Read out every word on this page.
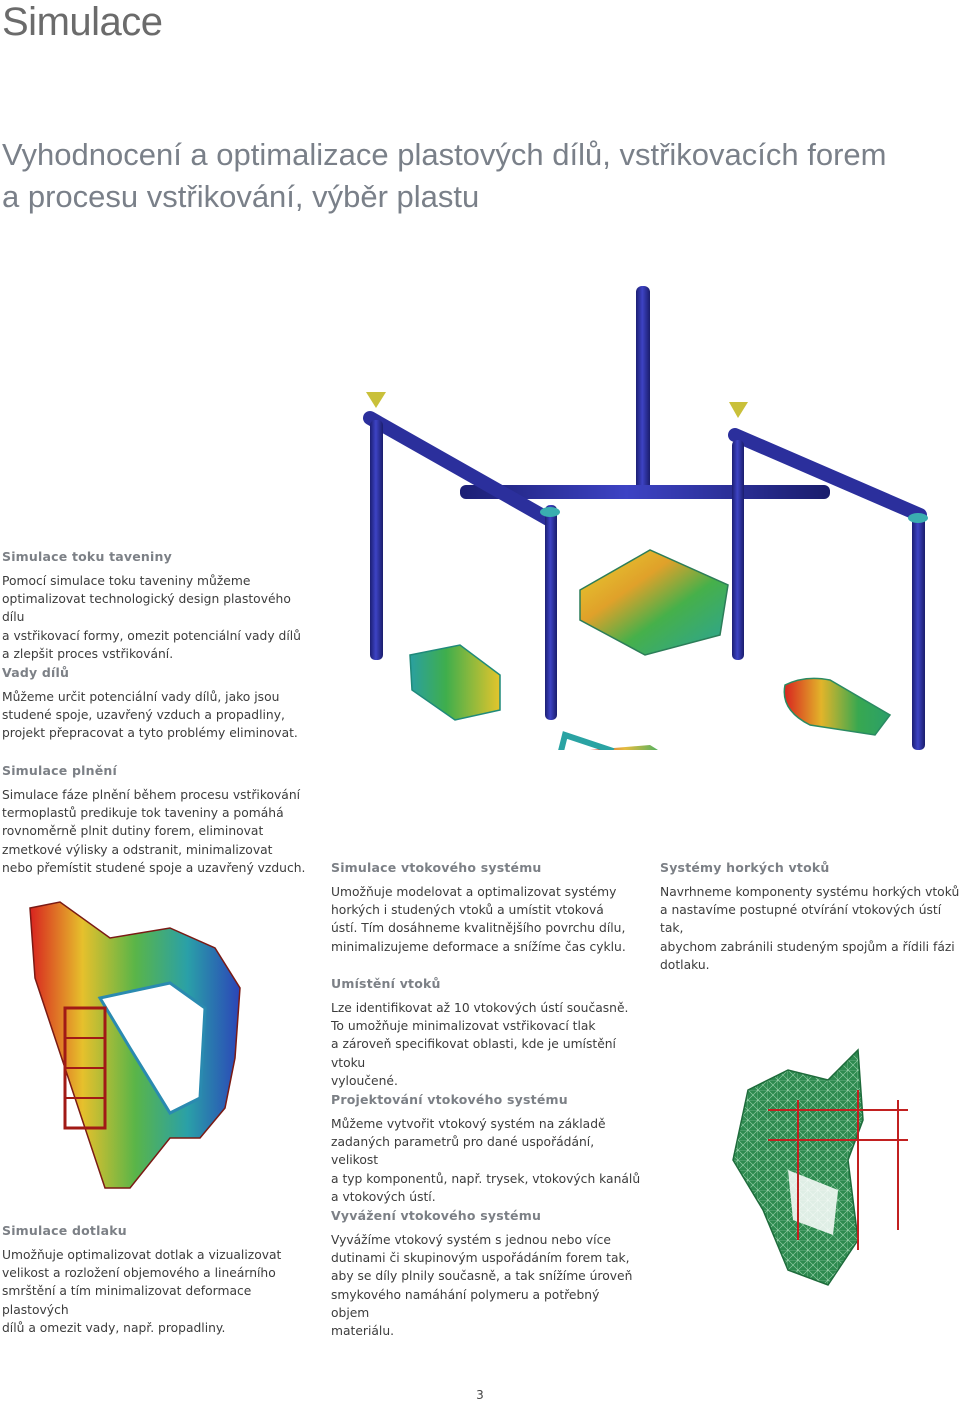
Simulace
Vyhodnocení a optimalizace plastových dílů, vstřikovacích forem
a procesu vstřikování, výběr plastu
Simulace toku taveniny

Pomocí simulace toku taveniny můžeme
optimalizovat technologický design plastového dílu
a vstřikovací formy, omezit potenciální vady dílů
a zlepšit proces vstřikování.

Vady dílů

Můžeme určit potenciální vady dílů, jako jsou
studené spoje, uzavřený vzduch a propadliny,
projekt přepracovat a tyto problémy eliminovat.

Simulace plnění

Simulace fáze plnění během procesu vstřikování
termoplastů predikuje tok taveniny a pomáhá
rovnoměrně plnit dutiny forem, eliminovat
zmetkové výlisky a odstranit, minimalizovat
nebo přemístit studené spoje a uzavřený vzduch.

Simulace dotlaku

Umožňuje optimalizovat dotlak a vizualizovat
velikost a rozložení objemového a lineárního
smrštění a tím minimalizovat deformace plastových
dílů a omezit vady, např. propadliny.

Simulace vtokového systému

Umožňuje modelovat a optimalizovat systémy
horkých i studených vtoků a umístit vtoková
ústí. Tím dosáhneme kvalitnějšího povrchu dílu,
minimalizujeme deformace a snížíme čas cyklu.

Umístění vtoků

Lze identifikovat až 10 vtokových ústí současně.
To umožňuje minimalizovat vstřikovací tlak
a zároveň specifikovat oblasti, kde je umístění vtoku
vyloučené.

Projektování vtokového systému

Můžeme vytvořit vtokový systém na základě
zadaných parametrů pro dané uspořádání, velikost
a typ komponentů, např. trysek, vtokových kanálů
a vtokových ústí.

Vyvážení vtokového systému

Vyvážíme vtokový systém s jednou nebo více
dutinami či skupinovým uspořádáním forem tak,
aby se díly plnily současně, a tak snížíme úroveň
smykového namáhání polymeru a potřebný objem
materiálu.

Systémy horkých vtoků

Navrhneme komponenty systému horkých vtoků
a nastavíme postupné otvírání vtokových ústí tak,
abychom zabránili studeným spojům a řídili fázi
dotlaku.

3
